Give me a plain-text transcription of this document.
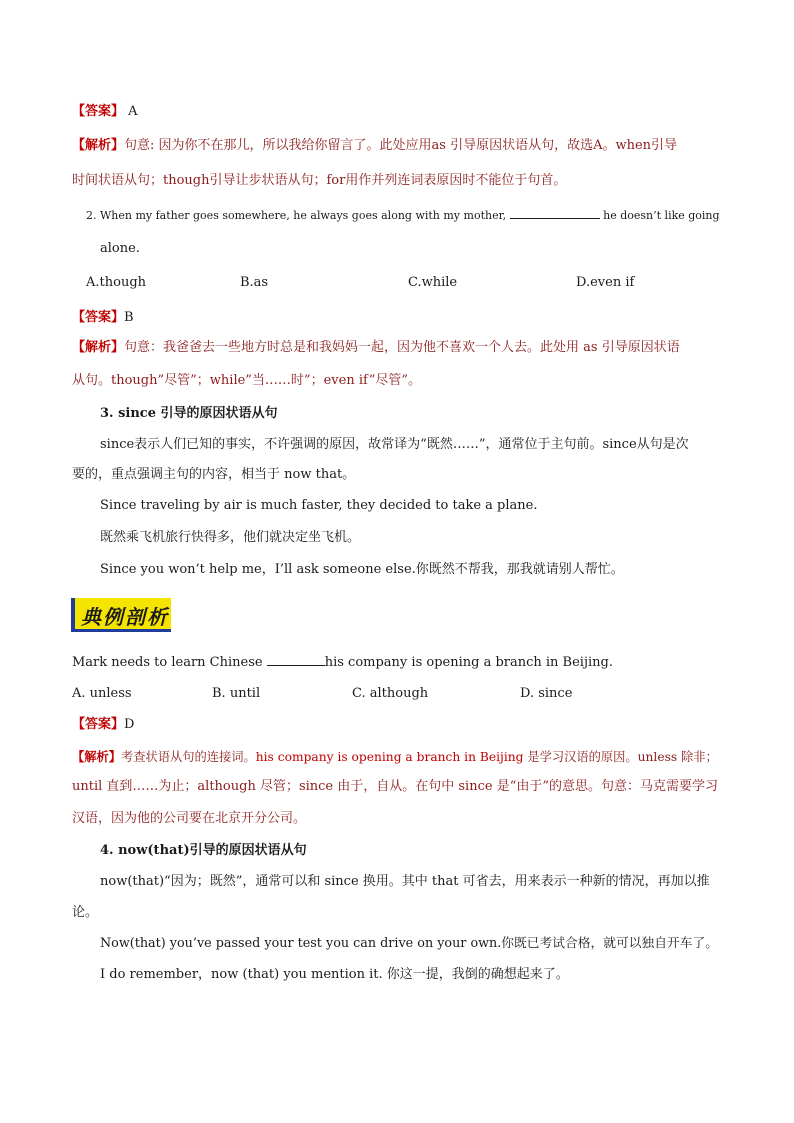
【答案】 A
【解析】句意: 因为你不在那儿，所以我给你留言了。此处应用as 引导原因状语从句，故选A。when引导
时间状语从句；though引导让步状语从句；for用作并列连词表原因时不能位于句首。
2. When my father goes somewhere, he always goes along with my mother,	he doesn’t like going
alone.
A.though	B.as	C.while	D.even if
【答案】B
【解析】句意：我爸爸去一些地方时总是和我妈妈一起，因为他不喜欢一个人去。此处用 as 引导原因状语
从句。though”尽管”；while”当……时”；even if”尽管”。
3. since 引导的原因状语从句
since表示人们已知的事实，不许强调的原因，故常译为“既然……”，通常位于主句前。since从句是次
要的，重点强调主句的内容，相当于 now that。
Since traveling by air is much faster, they decided to take a plane.
既然乘飞机旅行快得多，他们就决定坐飞机。
Since you won’t help me，I’ll ask someone else.你既然不帮我，那我就请别人帮忙。
典例剖析
Mark needs to learn Chinese	his company is opening a branch in Beijing.
A. unless	B. until	C. although	D. since
【答案】D
【解析】考查状语从句的连接词。his company is opening a branch in Beijing 是学习汉语的原因。unless 除非；
until 直到……为止；although 尽管；since 由于，自从。在句中 since 是“由于”的意思。句意：马克需要学习
汉语，因为他的公司要在北京开分公司。
4. now(that)引导的原因状语从句
now(that)“因为；既然”，通常可以和 since 换用。其中 that 可省去，用来表示一种新的情况，再加以推
论。
Now(that) you’ve passed your test you can drive on your own.你既已考试合格，就可以独自开车了。
I do remember，now (that) you mention it. 你这一提，我倒的确想起来了。
